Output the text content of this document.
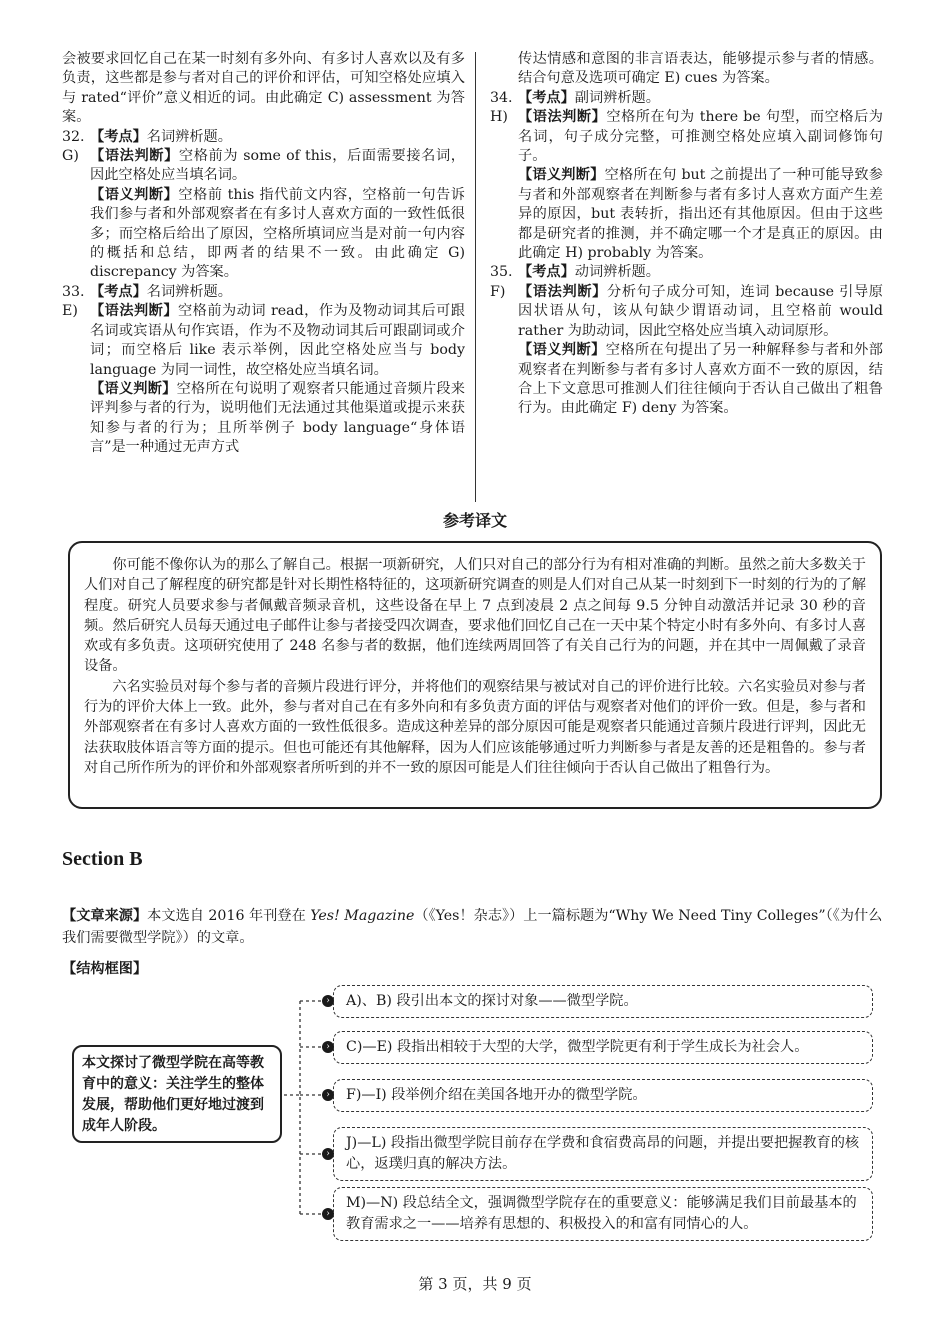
会被要求回忆自己在某一时刻有多外向、有多讨人喜欢以及有多负责，这些都是参与者对自己的评价和评估，可知空格处应填入与 rated“评价”意义相近的词。由此确定 C) assessment 为答案。

32. 【考点】名词辨析题。
G) 【语法判断】空格前为 some of this，后面需要接名词，因此空格处应当填名词。
【语义判断】空格前 this 指代前文内容，空格前一句告诉我们参与者和外部观察者在有多讨人喜欢方面的一致性低很多；而空格后给出了原因，空格所填词应当是对前一句内容的概括和总结，即两者的结果不一致。由此确定 G) discrepancy 为答案。
33. 【考点】名词辨析题。
E) 【语法判断】空格前为动词 read，作为及物动词其后可跟名词或宾语从句作宾语，作为不及物动词其后可跟副词或介词；而空格后 like 表示举例，因此空格处应当与 body language 为同一词性，故空格处应当填名词。
【语义判断】空格所在句说明了观察者只能通过音频片段来评判参与者的行为，说明他们无法通过其他渠道或提示来获知参与者的行为；且所举例子 body language“身体语言”是一种通过无声方式
传达情感和意图的非言语表达，能够提示参与者的情感。结合句意及选项可确定 E) cues 为答案。
34. 【考点】副词辨析题。
H) 【语法判断】空格所在句为 there be 句型，而空格后为名词，句子成分完整，可推测空格处应填入副词修饰句子。
【语义判断】空格所在句 but 之前提出了一种可能导致参与者和外部观察者在判断参与者有多讨人喜欢方面产生差异的原因，but 表转折，指出还有其他原因。但由于这些都是研究者的推测，并不确定哪一个才是真正的原因。由此确定 H) probably 为答案。
35. 【考点】动词辨析题。
F) 【语法判断】分析句子成分可知，连词 because 引导原因状语从句，该从句缺少谓语动词，且空格前 would rather 为助动词，因此空格处应当填入动词原形。
【语义判断】空格所在句提出了另一种解释参与者和外部观察者在判断参与者有多讨人喜欢方面不一致的原因，结合上下文意思可推测人们往往倾向于否认自己做出了粗鲁行为。由此确定 F) deny 为答案。
参考译文

你可能不像你认为的那么了解自己。根据一项新研究，人们只对自己的部分行为有相对准确的判断。虽然之前大多数关于人们对自己了解程度的研究都是针对长期性格特征的，这项新研究调查的则是人们对自己从某一时刻到下一时刻的行为的了解程度。研究人员要求参与者佩戴音频录音机，这些设备在早上 7 点到凌晨 2 点之间每 9.5 分钟自动激活并记录 30 秒的音频。然后研究人员每天通过电子邮件让参与者接受四次调查，要求他们回忆自己在一天中某个特定小时有多外向、有多讨人喜欢或有多负责。这项研究使用了 248 名参与者的数据，他们连续两周回答了有关自己行为的问题，并在其中一周佩戴了录音设备。

六名实验员对每个参与者的音频片段进行评分，并将他们的观察结果与被试对自己的评价进行比较。六名实验员对参与者行为的评价大体上一致。此外，参与者对自己在有多外向和有多负责方面的评估与观察者对他们的评价一致。但是，参与者和外部观察者在有多讨人喜欢方面的一致性低很多。造成这种差异的部分原因可能是观察者只能通过音频片段进行评判，因此无法获取肢体语言等方面的提示。但也可能还有其他解释，因为人们应该能够通过听力判断参与者是友善的还是粗鲁的。参与者对自己所作所为的评价和外部观察者所听到的并不一致的原因可能是人们往往倾向于否认自己做出了粗鲁行为。

Section B
【文章来源】本文选自 2016 年刊登在 Yes! Magazine（《Yes！杂志》）上一篇标题为“Why We Need Tiny Colleges”（《为什么我们需要微型学院》）的文章。
【结构框图】
本文探讨了微型学院在高等教育中的意义：关注学生的整体发展，帮助他们更好地过渡到成年人阶段。
›
›
›
›
›
A)、B) 段引出本文的探讨对象——微型学院。
C)—E) 段指出相较于大型的大学，微型学院更有利于学生成长为社会人。
F)—I) 段举例介绍在美国各地开办的微型学院。
J)—L) 段指出微型学院目前存在学费和食宿费高昂的问题，并提出要把握教育的核心，返璞归真的解决方法。
M)—N) 段总结全文，强调微型学院存在的重要意义：能够满足我们目前最基本的教育需求之一——培养有思想的、积极投入的和富有同情心的人。
第 3 页，共 9 页
